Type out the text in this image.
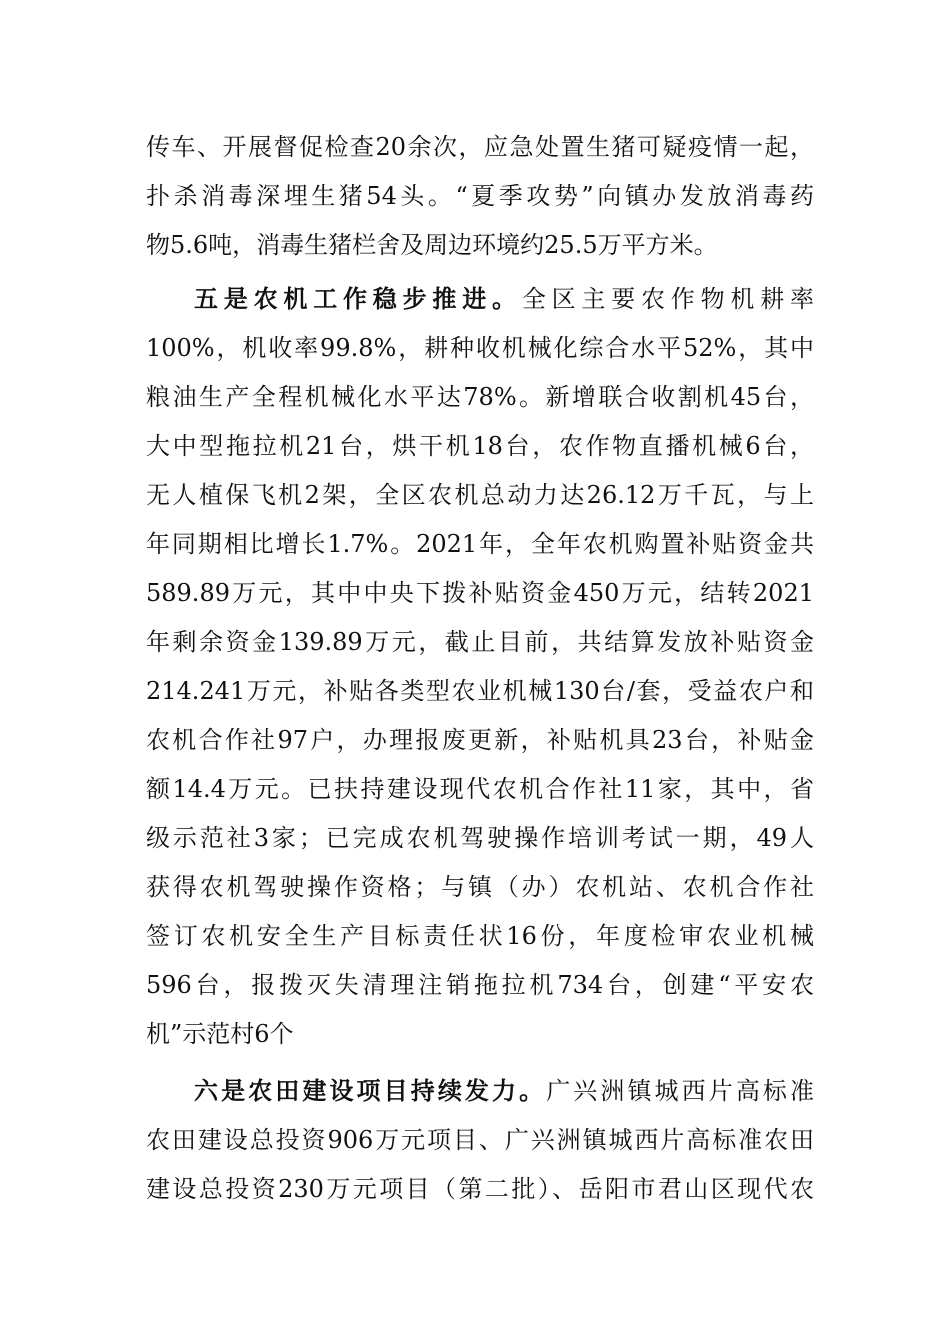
传车、开展督促检查20余次，应急处置生猪可疑疫情一起，
扑杀消毒深埋生猪54头。“夏季攻势”向镇办发放消毒药
物5.6吨，消毒生猪栏舍及周边环境约25.5万平方米。
五是农机工作稳步推进。全区主要农作物机耕率
100%，机收率99.8%，耕种收机械化综合水平52%，其中
粮油生产全程机械化水平达78%。新增联合收割机45台，
大中型拖拉机21台，烘干机18台，农作物直播机械6台，
无人植保飞机2架，全区农机总动力达26.12万千瓦，与上
年同期相比增长1.7%。2021年，全年农机购置补贴资金共
589.89万元，其中中央下拨补贴资金450万元，结转2021
年剩余资金139.89万元，截止目前，共结算发放补贴资金
214.241万元，补贴各类型农业机械130台/套，受益农户和
农机合作社97户，办理报废更新，补贴机具23台，补贴金
额14.4万元。已扶持建设现代农机合作社11家，其中，省
级示范社3家；已完成农机驾驶操作培训考试一期，49人
获得农机驾驶操作资格；与镇（办）农机站、农机合作社
签订农机安全生产目标责任状16份，年度检审农业机械
596台，报拨灭失清理注销拖拉机734台，创建“平安农
机”示范村6个
六是农田建设项目持续发力。广兴洲镇城西片高标准
农田建设总投资906万元项目、广兴洲镇城西片高标准农田
建设总投资230万元项目（第二批）、岳阳市君山区现代农
